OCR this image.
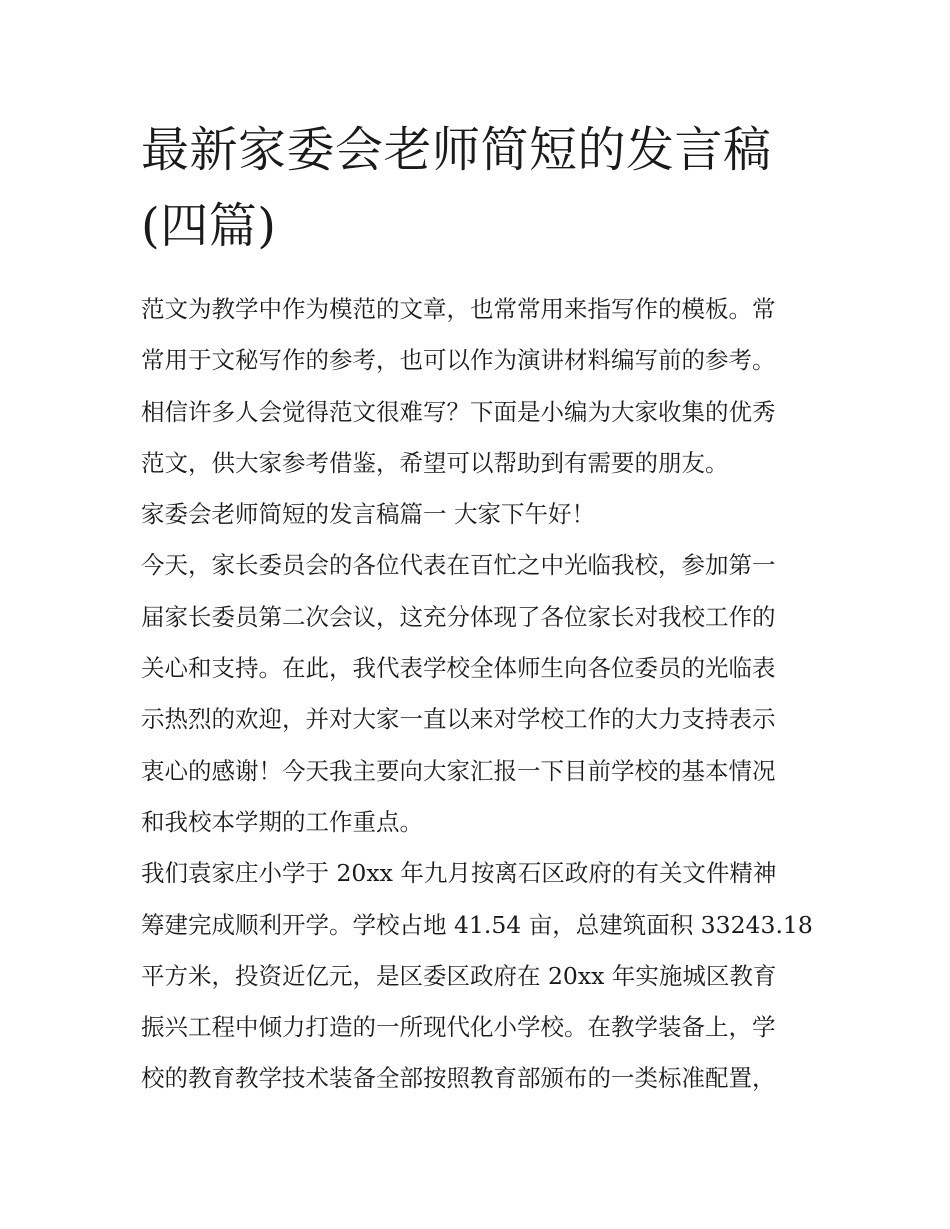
最新家委会老师简短的发言稿
(四篇)
范文为教学中作为模范的文章，也常常用来指写作的模板。常
常用于文秘写作的参考，也可以作为演讲材料编写前的参考。
相信许多人会觉得范文很难写？下面是小编为大家收集的优秀
范文，供大家参考借鉴，希望可以帮助到有需要的朋友。
家委会老师简短的发言稿篇一 大家下午好！
今天，家长委员会的各位代表在百忙之中光临我校，参加第一
届家长委员第二次会议，这充分体现了各位家长对我校工作的
关心和支持。在此，我代表学校全体师生向各位委员的光临表
示热烈的欢迎，并对大家一直以来对学校工作的大力支持表示
衷心的感谢！今天我主要向大家汇报一下目前学校的基本情况
和我校本学期的工作重点。
我们袁家庄小学于 20xx 年九月按离石区政府的有关文件精神
筹建完成顺利开学。学校占地 41.54 亩，总建筑面积 33243.18
平方米，投资近亿元，是区委区政府在 20xx 年实施城区教育
振兴工程中倾力打造的一所现代化小学校。在教学装备上，学
校的教育教学技术装备全部按照教育部颁布的一类标准配置，
